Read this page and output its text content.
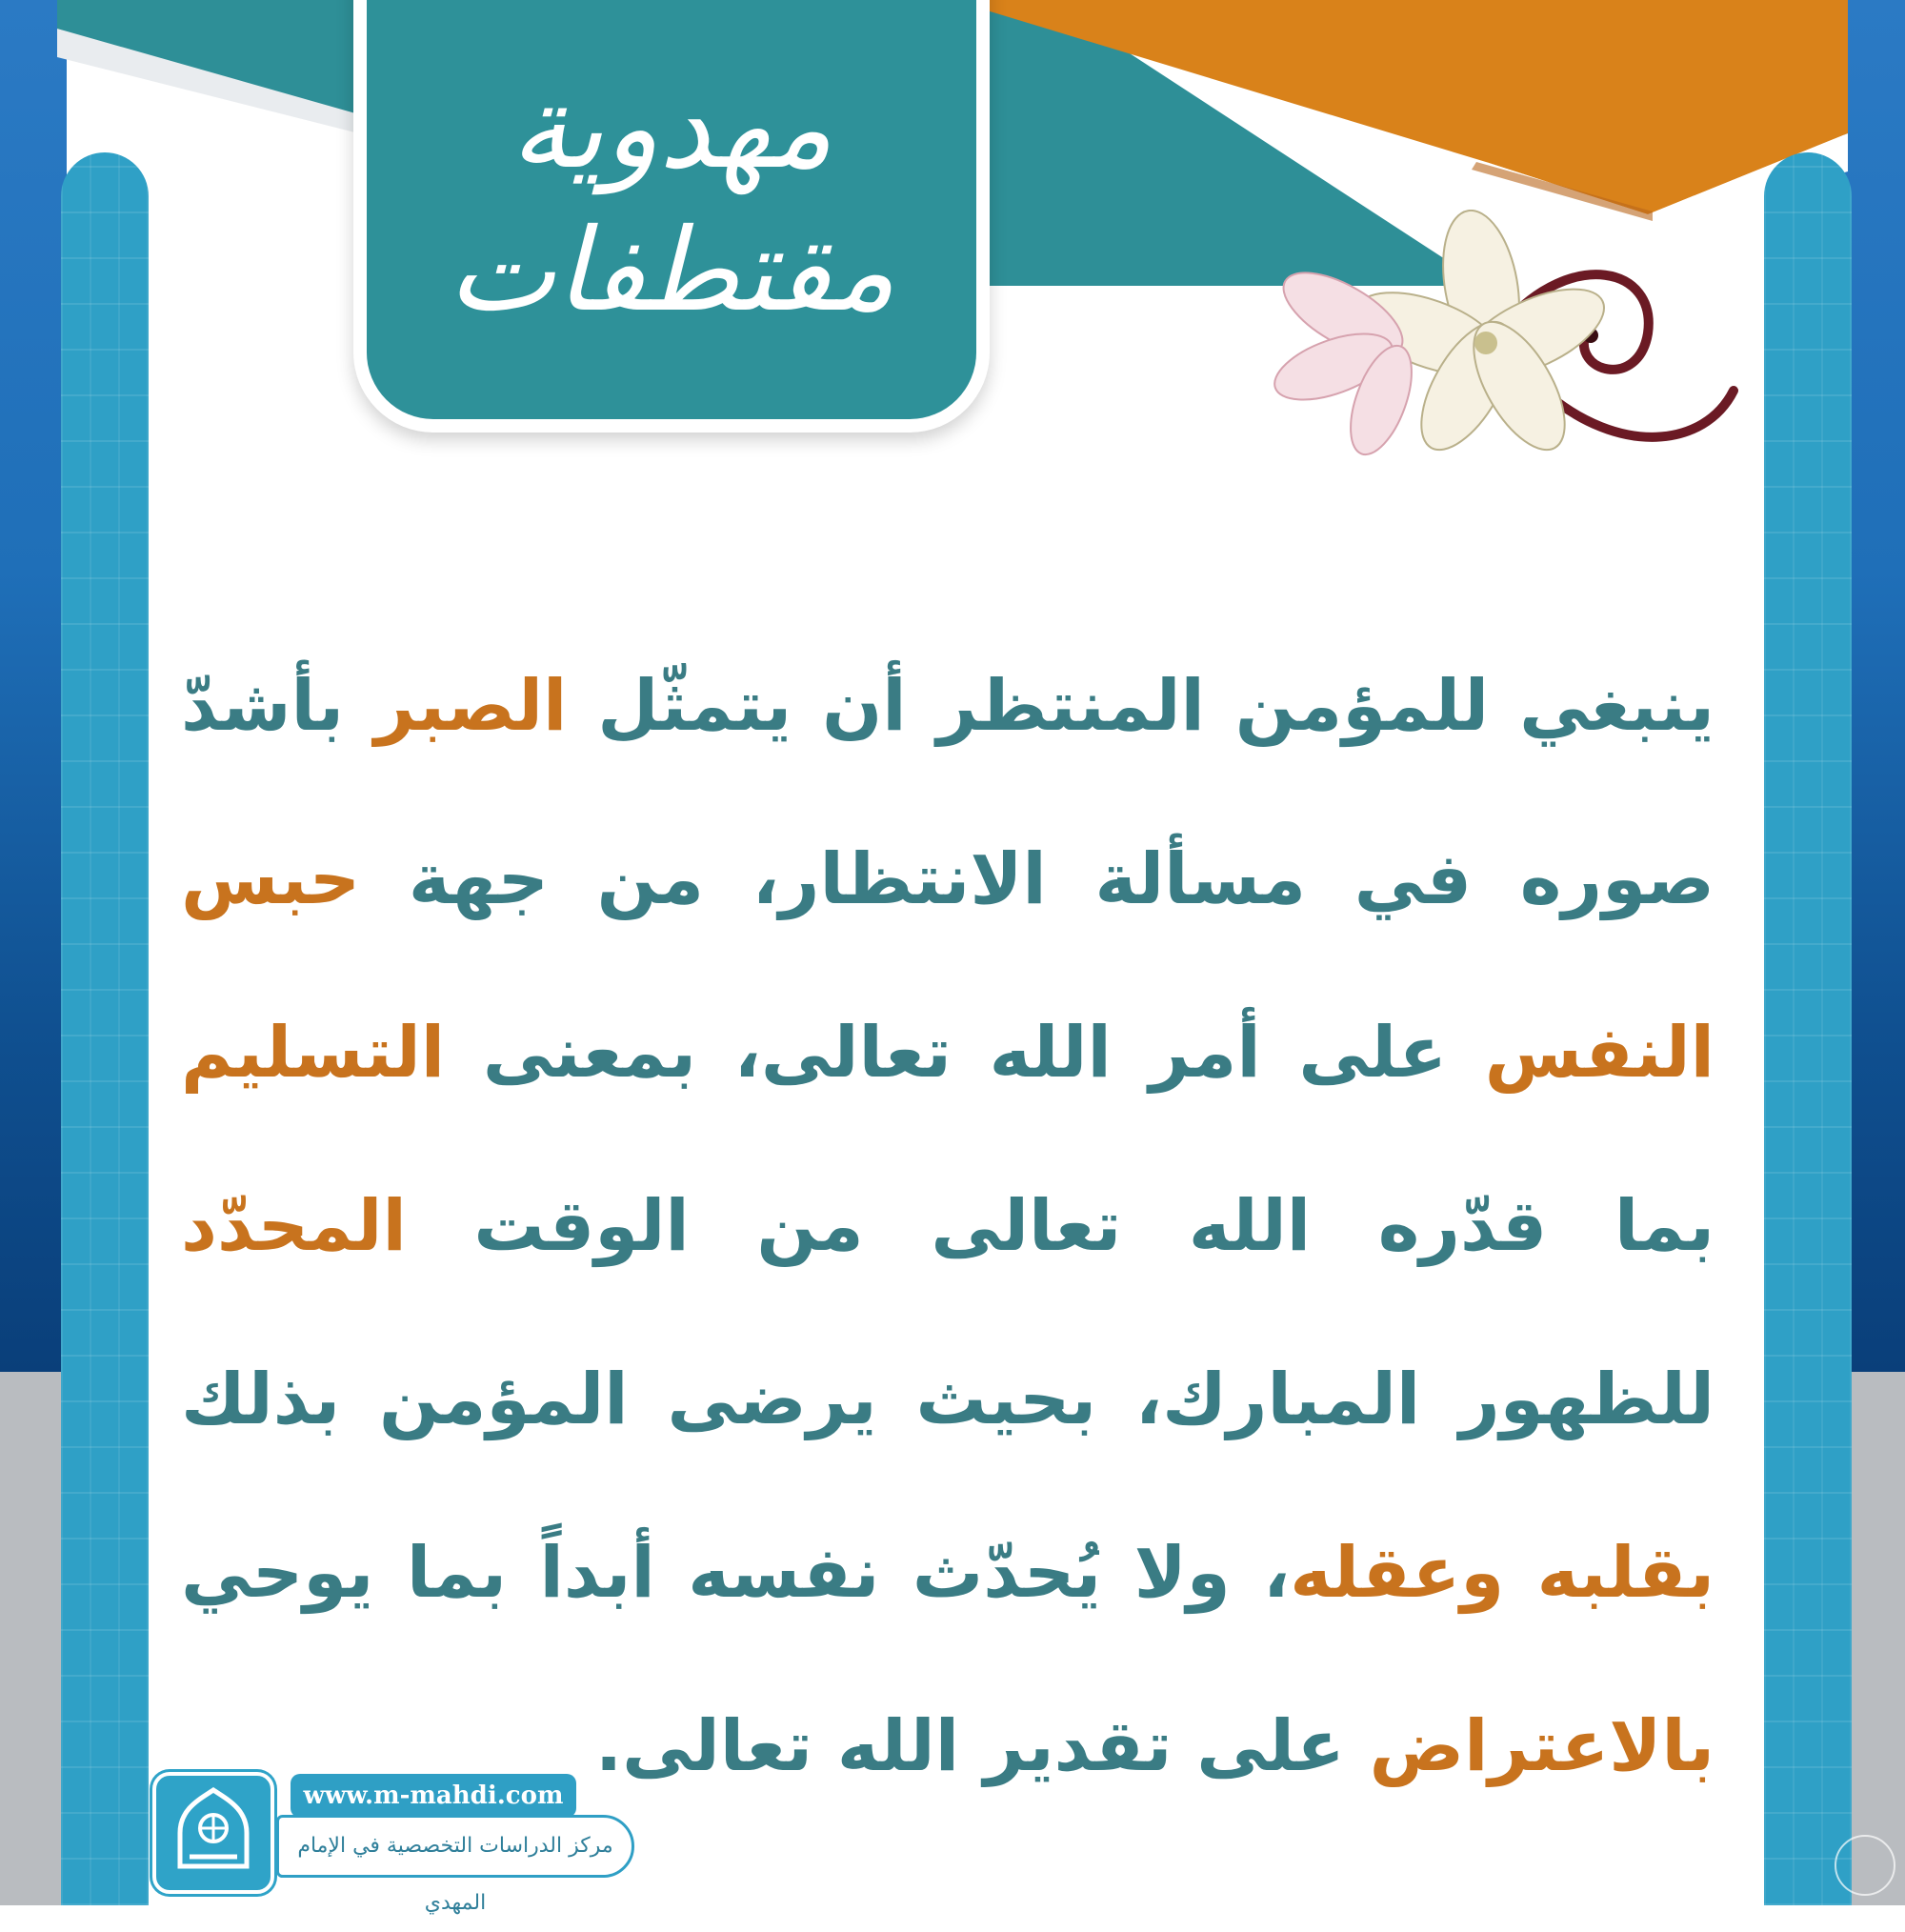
مهدوية
مقتطفات
ينبغي للمؤمن المنتظر أن يتمثّل الصبر بأشدّ صوره في مسألة الانتظار، من جهة حبس النفس على أمر الله تعالى، بمعنى التسليم بما قدّره الله تعالى من الوقت المحدّد للظهور المبارك، بحيث يرضى المؤمن بذلك بقلبه وعقله، ولا يُحدّث نفسه أبداً بما يوحي بالاعتراض على تقدير الله تعالى.
www.m-mahdi.com
مركز الدراسات التخصصية في الإمام المهدي
